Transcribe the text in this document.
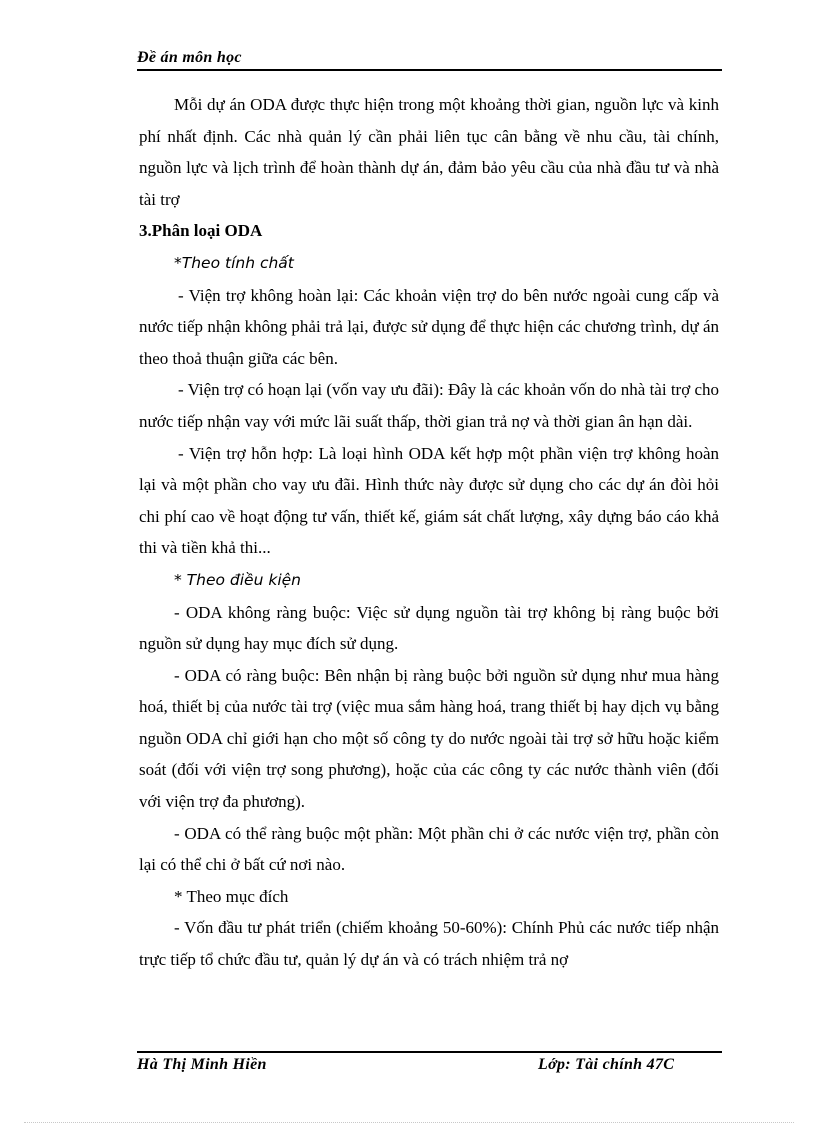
Đề án môn học

Mỗi dự án ODA được thực hiện trong một khoảng thời gian, nguồn lực và kinh phí nhất định. Các nhà quản lý cần phải liên tục cân bằng về nhu cầu, tài chính, nguồn lực và lịch trình để hoàn thành dự án, đảm bảo yêu cầu của nhà đầu tư và nhà tài trợ

3.Phân loại ODA

*Theo tính chất

- Viện trợ không hoàn lại: Các khoản viện trợ do bên nước ngoài cung cấp và nước tiếp nhận không phải trả lại, được sử dụng để thực hiện các chương trình, dự án theo thoả thuận giữa các bên.

- Viện trợ có hoạn lại (vốn vay ưu đãi): Đây là các khoản vốn do nhà tài trợ cho nước tiếp nhận vay với mức lãi suất thấp, thời gian trả nợ và thời gian ân hạn dài.

- Viện trợ hỗn hợp: Là loại hình ODA kết hợp một phần viện trợ không hoàn lại và một phần cho vay ưu đãi. Hình thức này được sử dụng cho các dự án đòi hỏi chi phí cao về hoạt động tư vấn, thiết kế, giám sát chất lượng, xây dựng báo cáo khả thi và tiền khả thi...

* Theo điều kiện

- ODA không ràng buộc: Việc sử dụng nguồn tài trợ không bị ràng buộc bởi nguồn sử dụng hay mục đích sử dụng.

- ODA có ràng buộc: Bên nhận bị ràng buộc bởi nguồn sử dụng như mua hàng hoá, thiết bị của nước tài trợ (việc mua sắm hàng hoá, trang thiết bị hay dịch vụ bằng nguồn ODA chỉ giới hạn cho một số công ty do nước ngoài tài trợ sở hữu hoặc kiểm soát (đối với viện trợ song phương), hoặc của các công ty các nước thành viên (đối với viện trợ đa phương).

- ODA có thể ràng buộc một phần: Một phần chi ở các nước viện trợ, phần còn lại có thể chi ở bất cứ nơi nào.

* Theo mục đích

- Vốn đầu tư phát triển (chiếm khoảng 50-60%): Chính Phủ các nước tiếp nhận trực tiếp tổ chức đầu tư, quản lý dự án và có trách nhiệm trả nợ

Hà Thị Minh Hiền	Lớp: Tài chính 47C
